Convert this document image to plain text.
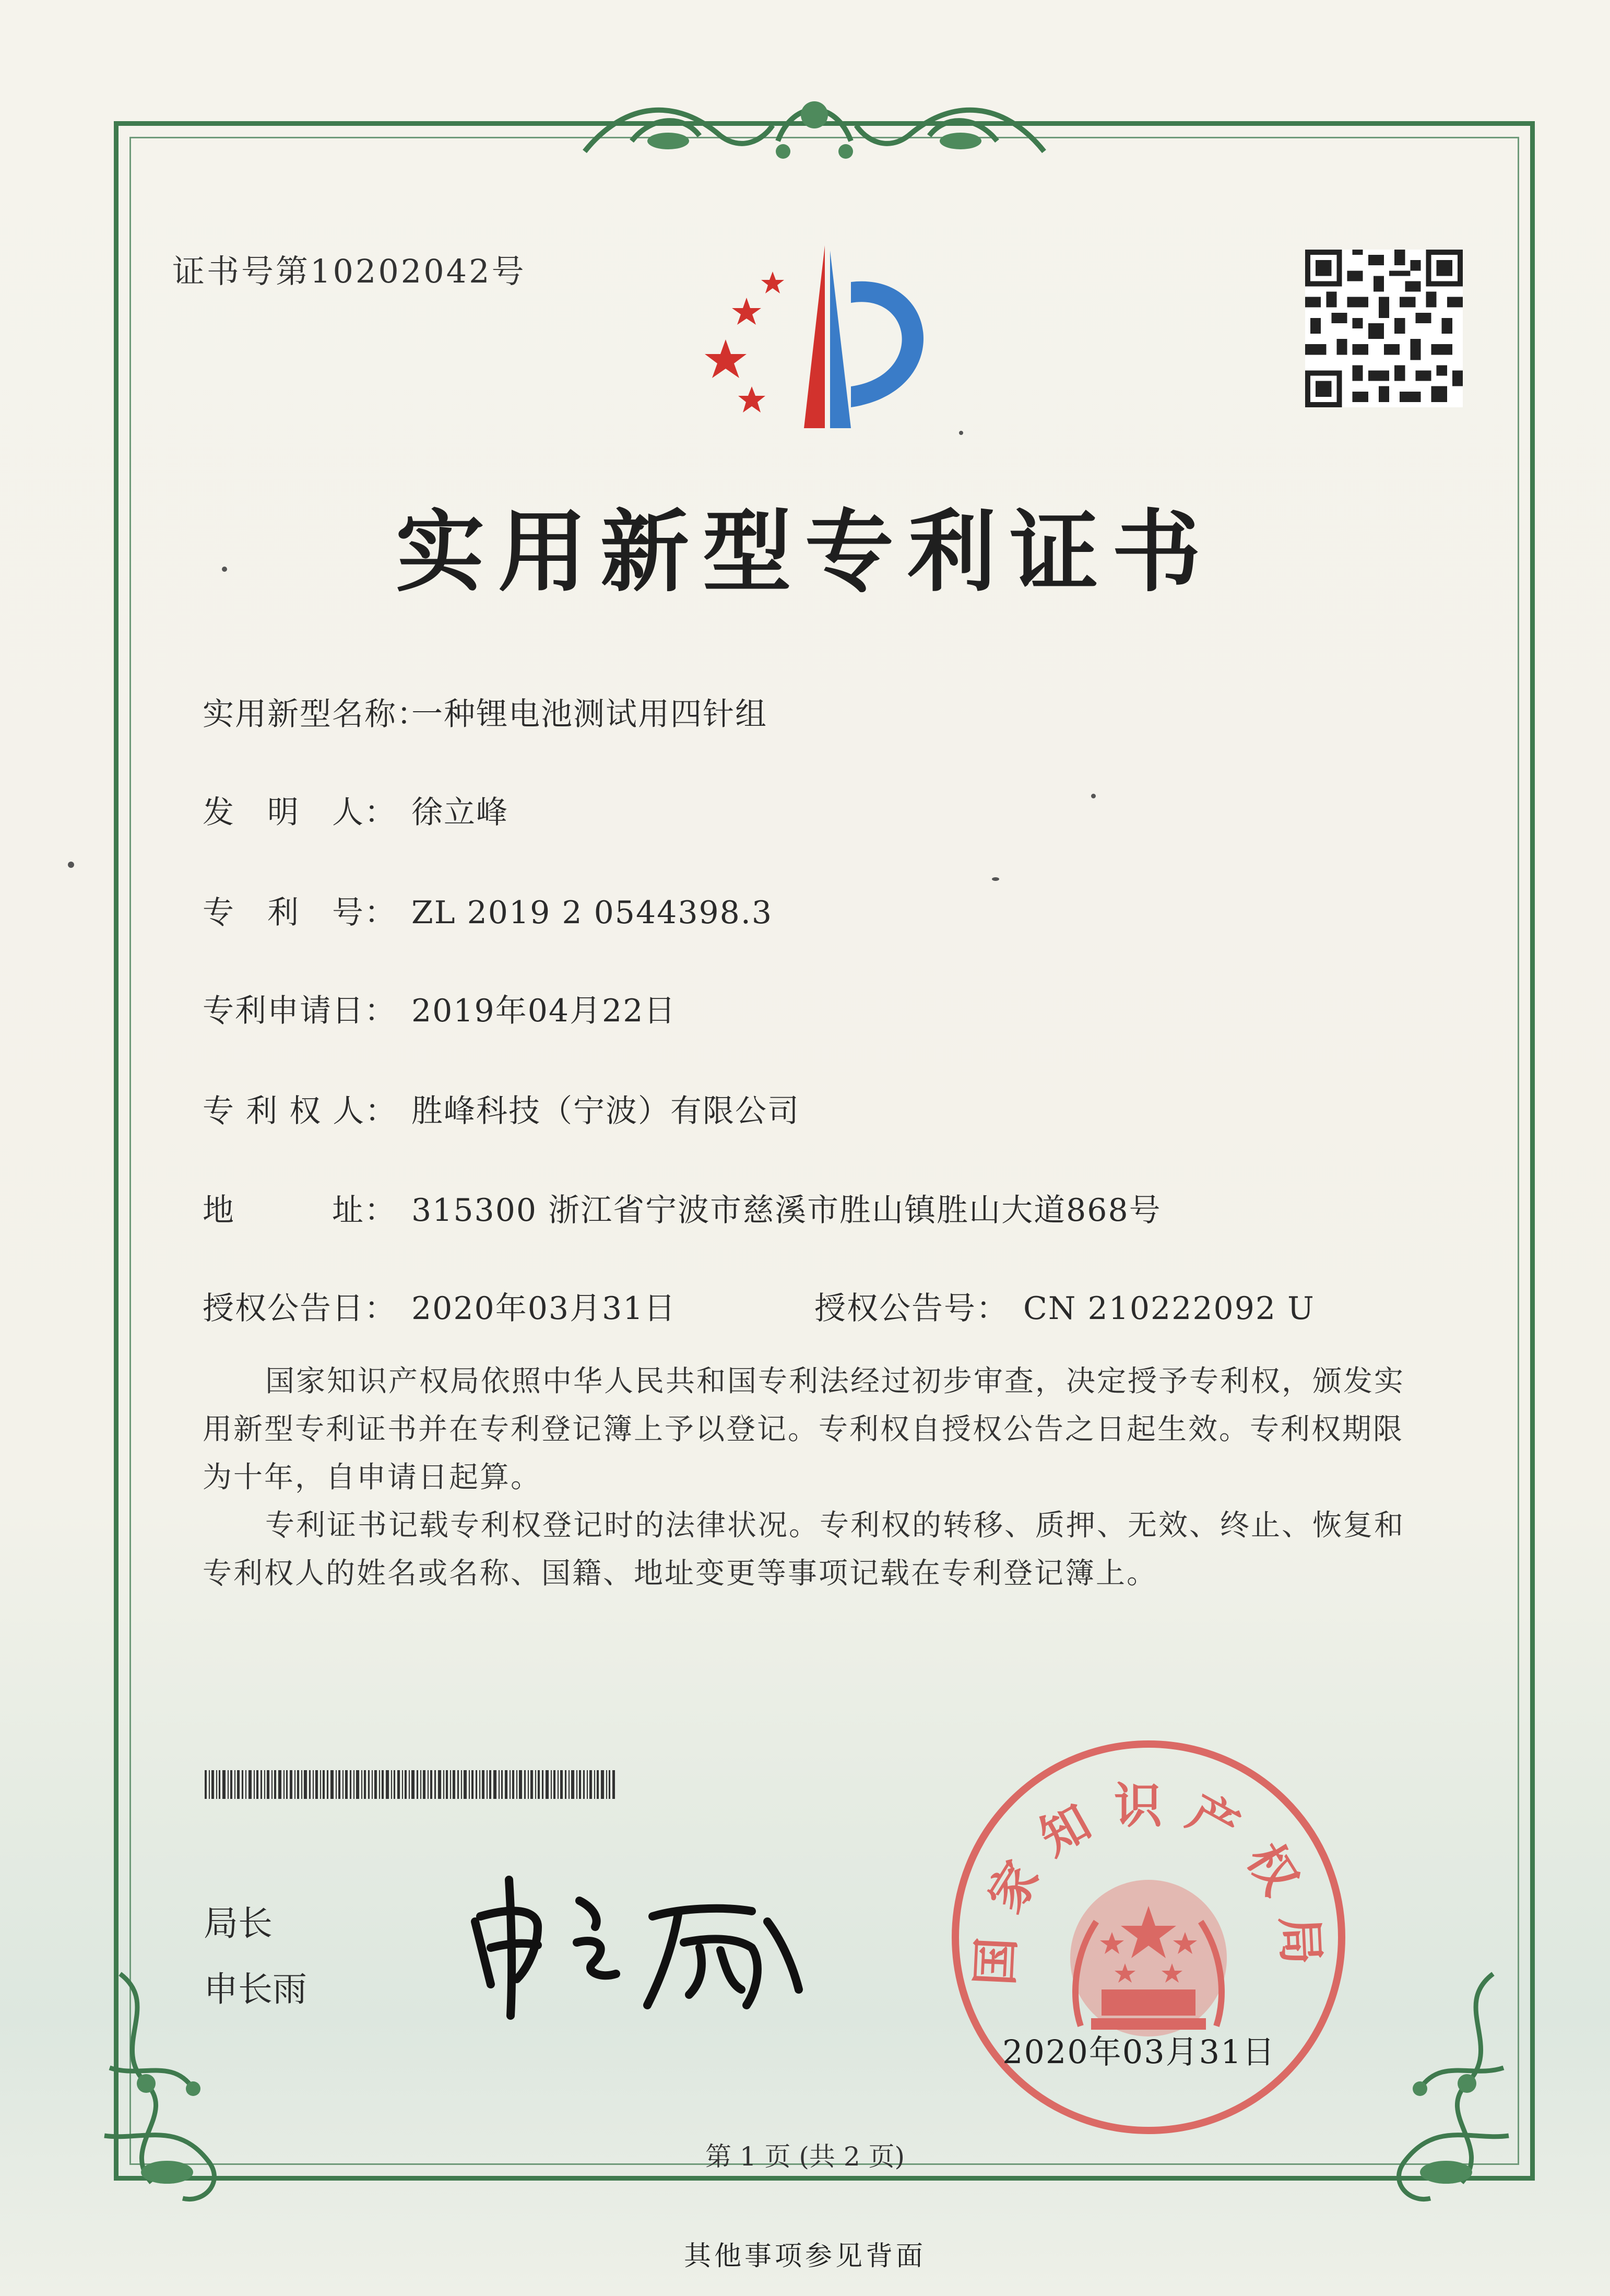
证书号第10202042号
实用新型专利证书
实用新型名称：一种锂电池测试用四针组
发　明　人： 徐立峰
专　利　号： ZL 2019 2 0544398.3
专利申请日： 2019年04月22日
专 利 权 人： 胜峰科技（宁波）有限公司
地　　　址： 315300 浙江省宁波市慈溪市胜山镇胜山大道868号
授权公告日： 2020年03月31日	授权公告号： CN 210222092 U

国家知识产权局依照中华人民共和国专利法经过初步审查，决定授予专利权，颁发实用新型专利证书并在专利登记簿上予以登记。专利权自授权公告之日起生效。专利权期限为十年，自申请日起算。

专利证书记载专利权登记时的法律状况。专利权的转移、质押、无效、终止、恢复和专利权人的姓名或名称、国籍、地址变更等事项记载在专利登记簿上。

局长
申长雨
国家知识产权局
2020年03月31日
第 1 页 (共 2 页)
其他事项参见背面
